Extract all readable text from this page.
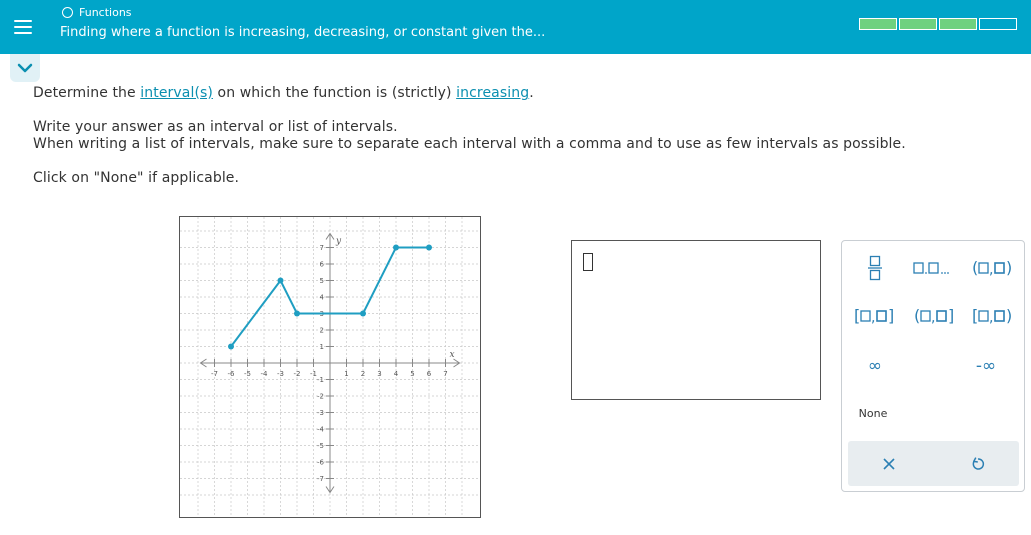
Functions
Finding where a function is increasing, decreasing, or constant given the...
Determine the interval(s) on which the function is (strictly) increasing.
Write your answer as an interval or list of intervals.
When writing a list of intervals, make sure to separate each interval with a comma and to use as few intervals as possible.
Click on "None" if applicable.
-7 -6 -5 -4 -3 -2 -1	1 2 3 4 5 6 7
7
6
5
4
3
2
1
-1
-2
-3
-4
-5
-6
-7
x
y
( , )
[ , ] ( , ] [ , )
∞	-∞
None
